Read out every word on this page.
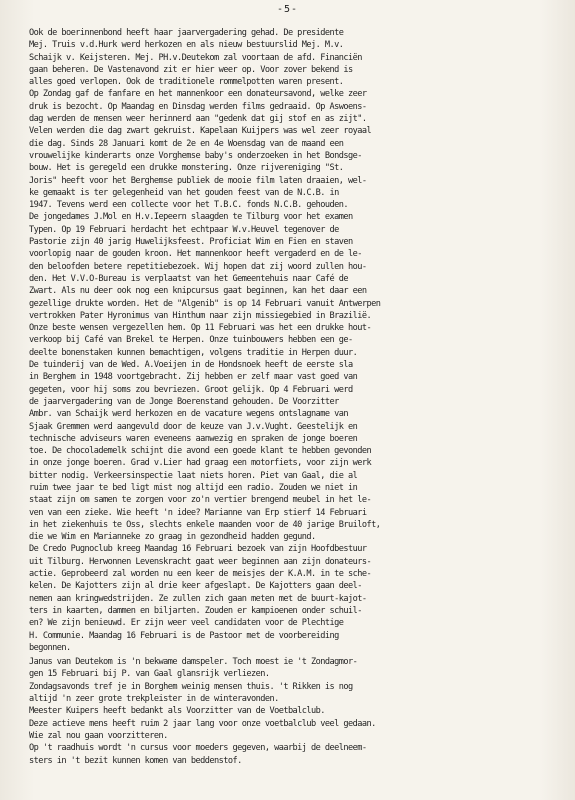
-5-
Ook de boerinnenbond heeft haar jaarvergadering gehad. De presidente
Mej. Truis v.d.Hurk werd herkozen en als nieuw bestuurslid Mej. M.v.
Schaijk v. Keijsteren. Mej. PH.v.Deutekom zal voortaan de afd. Financiën
gaan beheren. De Vastenavond zit er hier weer op. Voor zover bekend is
alles goed verlopen. Ook de traditionele rommelpotten waren present.
Op Zondag gaf de fanfare en het mannenkoor een donateursavond, welke zeer
druk is bezocht. Op Maandag en Dinsdag werden films gedraaid. Op Aswoens-
dag werden de mensen weer herinnerd aan "gedenk dat gij stof en as zijt".
Velen werden die dag zwart gekruist. Kapelaan Kuijpers was wel zeer royaal
die dag. Sinds 28 Januari komt de 2e en 4e Woensdag van de maand een
vrouwelijke kinderarts onze Vorghemse baby's onderzoeken in het Bondsge-
bouw. Het is geregeld een drukke monstering. Onze rijvereniging "St.
Joris" heeft voor het Berghemse publiek de mooie film laten draaien, wel-
ke gemaakt is ter gelegenheid van het gouden feest van de N.C.B. in
1947. Tevens werd een collecte voor het T.B.C. fonds N.C.B. gehouden.
De jongedames J.Mol en H.v.Iepeern slaagden te Tilburg voor het examen
Typen. Op 19 Februari herdacht het echtpaar W.v.Heuvel tegenover de
Pastorie zijn 40 jarig Huwelijksfeest. Proficiat Wim en Fien en staven
voorlopig naar de gouden kroon. Het mannenkoor heeft vergaderd en de le-
den beloofden betere repetitiebezoek. Wij hopen dat zij woord zullen hou-
den. Het V.V.O-Bureau is verplaatst van het Gemeentehuis naar Café de
Zwart. Als nu deer ook nog een knipcursus gaat beginnen, kan het daar een
gezellige drukte worden. Het de "Algenib" is op 14 Februari vanuit Antwerpen
vertrokken Pater Hyronimus van Hinthum naar zijn missiegebied in Brazilië.
Onze beste wensen vergezellen hem. Op 11 Februari was het een drukke hout-
verkoop bij Café van Brekel te Herpen. Onze tuinbouwers hebben een ge-
deelte bonenstaken kunnen bemachtigen, volgens traditie in Herpen duur.
De tuinderij van de Wed. A.Voeijen in de Hondsnoek heeft de eerste sla
in Berghem in 1948 voortgebracht. Zij hebben er zelf maar vast goed van
gegeten, voor hij soms zou bevriezen. Groot gelijk. Op 4 Februari werd
de jaarvergadering van de Jonge Boerenstand gehouden. De Voorzitter
Ambr. van Schaijk werd herkozen en de vacature wegens ontslagname van
Sjaak Gremmen werd aangevuld door de keuze van J.v.Vught. Geestelijk en
technische adviseurs waren eveneens aanwezig en spraken de jonge boeren
toe. De chocolademelk schijnt die avond een goede klant te hebben gevonden
in onze jonge boeren. Grad v.Lier had graag een motorfiets, voor zijn werk
bitter nodig. Verkeersinspectie laat niets horen. Piet van Gaal, die al
ruim twee jaar te bed ligt mist nog altijd een radio. Zouden we niet in
staat zijn om samen te zorgen voor zo'n vertier brengend meubel in het le-
ven van een zieke. Wie heeft 'n idee? Marianne van Erp stierf 14 Februari
in het ziekenhuis te Oss, slechts enkele maanden voor de 40 jarige Bruiloft,
die we Wim en Marianneke zo graag in gezondheid hadden gegund.
De Credo Pugnoclub kreeg Maandag 16 Februari bezoek van zijn Hoofdbestuur
uit Tilburg. Herwonnen Levenskracht gaat weer beginnen aan zijn donateurs-
actie. Geprobeerd zal worden nu een keer de meisjes der K.A.M. in te sche-
kelen. De Kajotters zijn al drie keer afgeslapt. De Kajotters gaan deel-
nemen aan kringwedstrijden. Ze zullen zich gaan meten met de buurt-kajot-
ters in kaarten, dammen en biljarten. Zouden er kampioenen onder schuil-
en? We zijn benieuwd. Er zijn weer veel candidaten voor de Plechtige
H. Communie. Maandag 16 Februari is de Pastoor met de voorbereiding
begonnen.
Janus van Deutekom is 'n bekwame damspeler. Toch moest ie 't Zondagmor-
gen 15 Februari bij P. van Gaal glansrijk verliezen.
Zondagsavonds tref je in Borghem weinig mensen thuis. 't Rikken is nog
altijd 'n zeer grote trekpleister in de winteravonden.
Meester Kuipers heeft bedankt als Voorzitter van de Voetbalclub.
Deze actieve mens heeft ruim 2 jaar lang voor onze voetbalclub veel gedaan.
Wie zal nou gaan voorzitteren.
Op 't raadhuis wordt 'n cursus voor moeders gegeven, waarbij de deelneem-
sters in 't bezit kunnen komen van beddenstof.
